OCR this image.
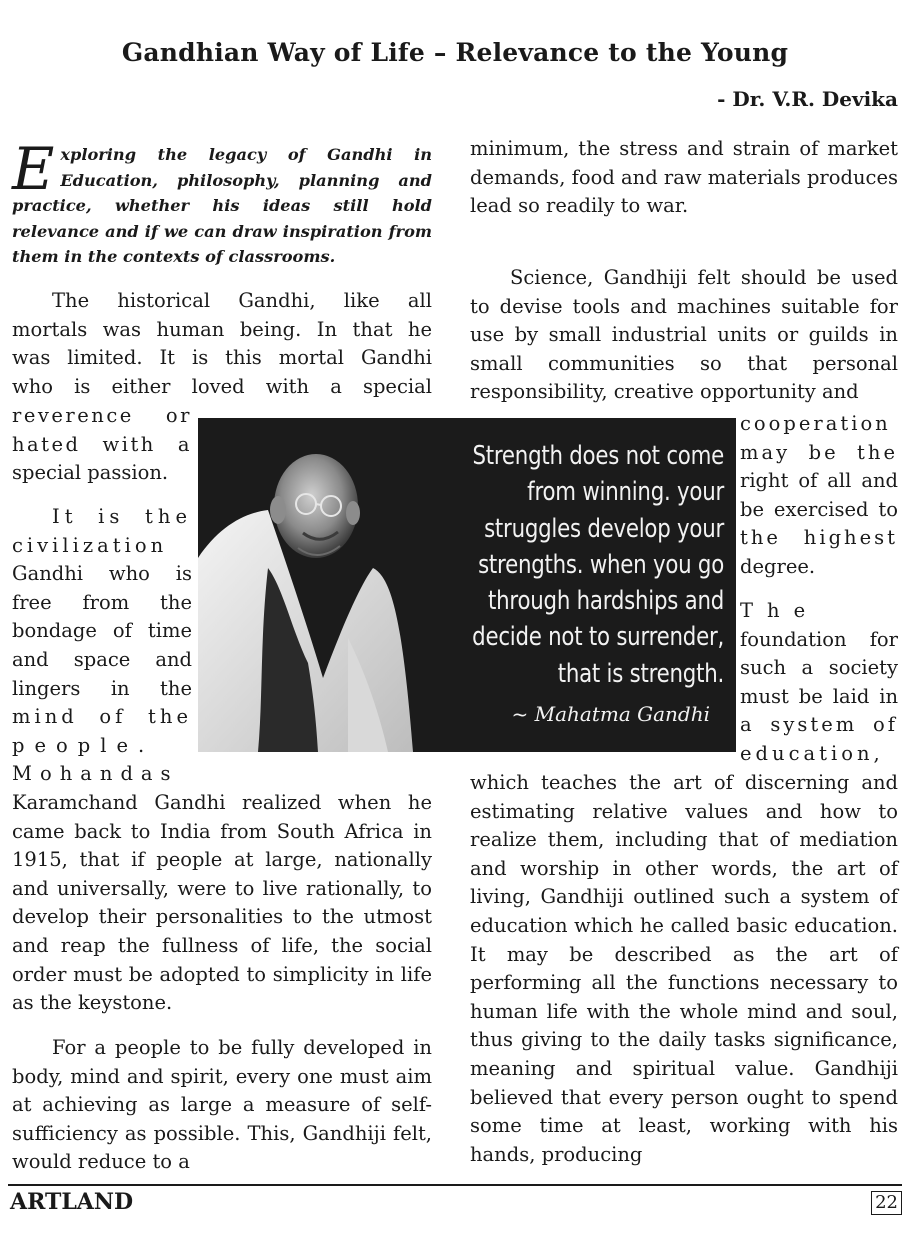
Gandhian Way of Life – Relevance to the Young
- Dr. V.R. Devika
Exploring the legacy of Gandhi in Education, philosophy, planning and practice, whether his ideas still hold relevance and if we can draw inspiration from them in the contexts of classrooms.
The historical Gandhi, like all
mortals was human being. In that he
was limited. It is this mortal Gandhi
who is either loved with a special
reverence or
hated with a
special passion.
It is the
civilization
Gandhi who is
free from the
bondage of time
and space and
lingers in the
mind of the
people.
Mohandas
Karamchand Gandhi realized when he came back to India from South Africa in 1915, that if people at large, nationally and universally, were to live rationally, to develop their personalities to the utmost and reap the fullness of life, the social order must be adopted to simplicity in life as the keystone.
For a people to be fully developed in body, mind and spirit, every one must aim at achieving as large a measure of self-sufficiency as possible. This, Gandhiji felt, would reduce to a
minimum, the stress and strain of market demands, food and raw materials produces lead so readily to war.
Science, Gandhiji felt should be used to devise tools and machines suitable for use by small industrial units or guilds in small communities so that personal responsibility, creative opportunity and
cooperation
may be the
right of all and
be exercised to
the highest
degree.
The
foundation for
such a society
must be laid in
a system of
education,
which teaches the art of discerning and estimating relative values and how to realize them, including that of mediation and worship in other words, the art of living, Gandhiji outlined such a system of education which he called basic education. It may be described as the art of performing all the functions necessary to human life with the whole mind and soul, thus giving to the daily tasks significance, meaning and spiritual value. Gandhiji believed that every person ought to spend some time at least, working with his hands, producing
Strength does not come
from winning. your
struggles develop your
strengths. when you go
through hardships and
decide not to surrender,
that is strength.
~ Mahatma Gandhi
ARTLAND	22
